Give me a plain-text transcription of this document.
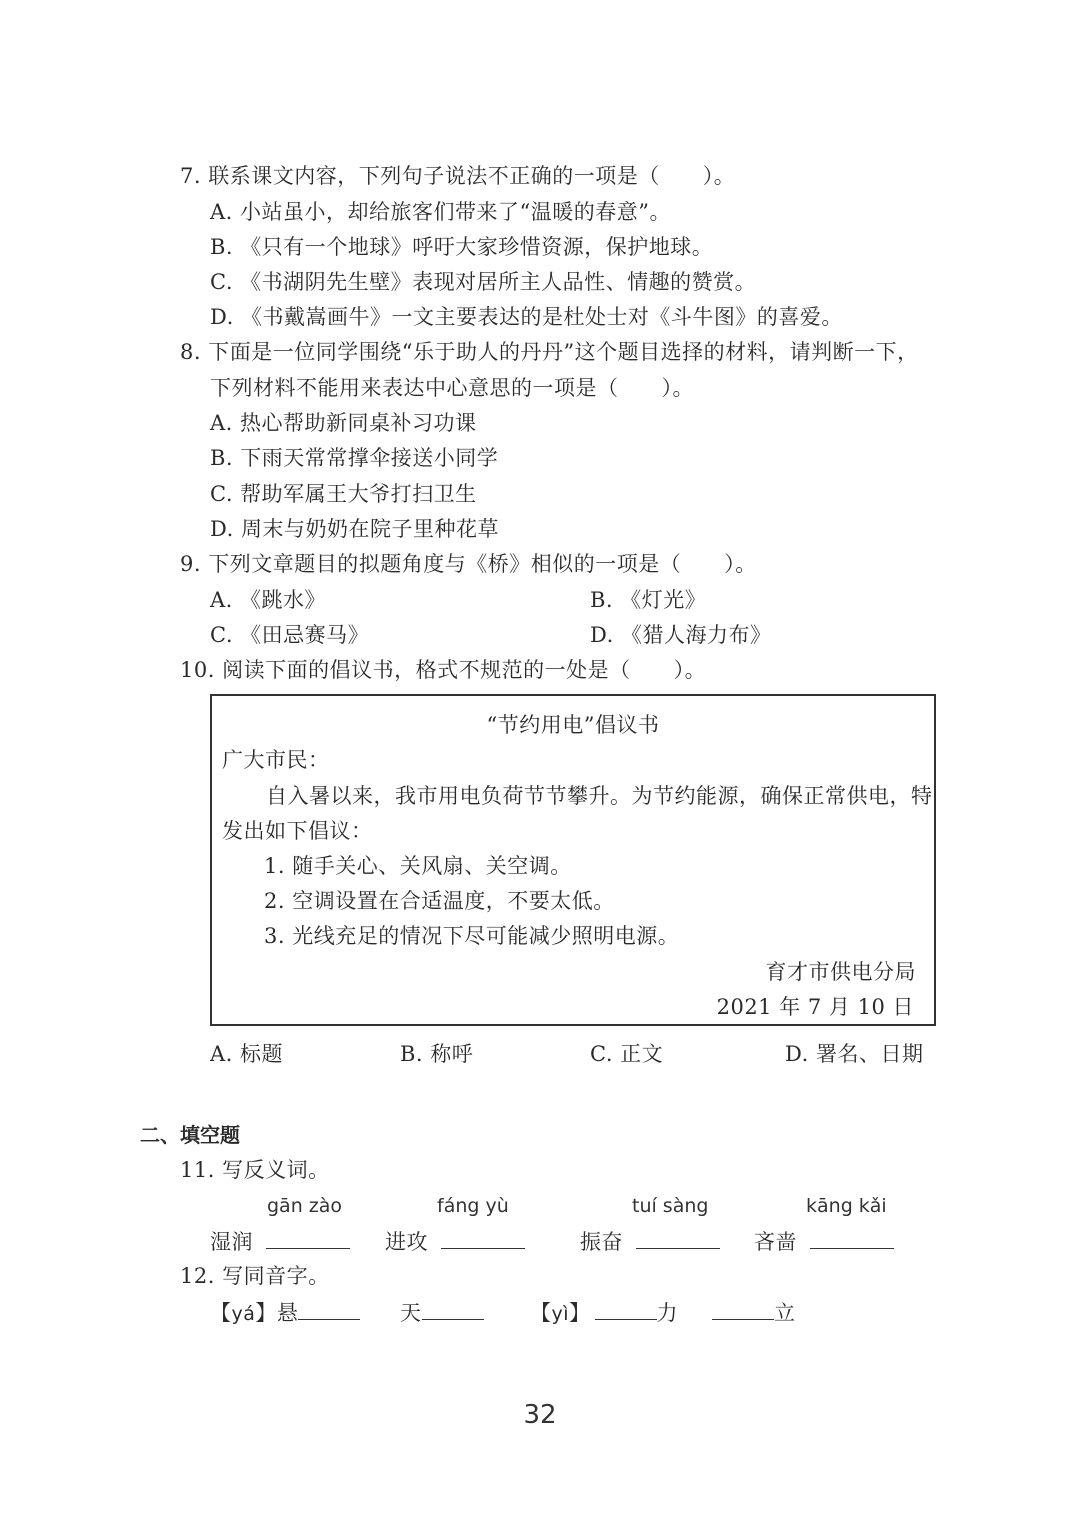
7. 联系课文内容，下列句子说法不正确的一项是（　　）。
A. 小站虽小，却给旅客们带来了“温暖的春意”。
B. 《只有一个地球》呼吁大家珍惜资源，保护地球。
C. 《书湖阴先生壁》表现对居所主人品性、情趣的赞赏。
D. 《书戴嵩画牛》一文主要表达的是杜处士对《斗牛图》的喜爱。
8. 下面是一位同学围绕“乐于助人的丹丹”这个题目选择的材料，请判断一下，
下列材料不能用来表达中心意思的一项是（　　）。
A. 热心帮助新同桌补习功课
B. 下雨天常常撑伞接送小同学
C. 帮助军属王大爷打扫卫生
D. 周末与奶奶在院子里种花草
9. 下列文章题目的拟题角度与《桥》相似的一项是（　　）。
A. 《跳水》	B. 《灯光》
C. 《田忌赛马》	D. 《猎人海力布》
10. 阅读下面的倡议书，格式不规范的一处是（　　）。
“节约用电”倡议书
广大市民：
自入暑以来，我市用电负荷节节攀升。为节约能源，确保正常供电，特
发出如下倡议：
1. 随手关心、关风扇、关空调。
2. 空调设置在合适温度，不要太低。
3. 光线充足的情况下尽可能减少照明电源。
育才市供电分局
2021 年 7 月 10 日
A. 标题	B. 称呼	C. 正文	D. 署名、日期
二、填空题
11. 写反义词。
gān zào	fáng yù	tuí sàng	kāng kǎi
湿润	进攻	振奋	吝啬
12. 写同音字。
【yá】悬	天	【yì】	力	立
32
